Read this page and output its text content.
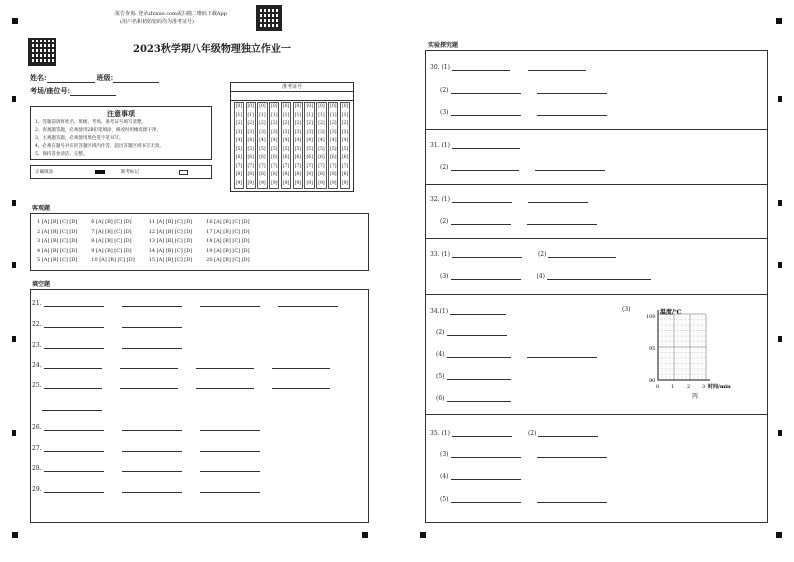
报告查询: 登录zhixue.com或扫描二维码下载App
(用户名和初始密码均为准考证号)
2023秋学期八年级物理独立作业一
姓名:	班级:
考场/座位号:
注意事项
1、答题前请将姓名、班级、考场、准考证号填写清楚。
2、客观题答题，必须使用2B铅笔填涂，修改时用橡皮擦干净。
3、主观题答题，必须使用黑色签字笔书写。
4、必须在题号对应的答题区域内作答，超出答题区域书写无效。
5、保持答卷清洁、完整。
正确填涂	缺考标记
准考证号
[0]
[1]
[2]
[3]
[4]
[5]
[6]
[7]
[8]
[9]
[0]
[1]
[2]
[3]
[4]
[5]
[6]
[7]
[8]
[9]
[0]
[1]
[2]
[3]
[4]
[5]
[6]
[7]
[8]
[9]
[0]
[1]
[2]
[3]
[4]
[5]
[6]
[7]
[8]
[9]
[0]
[1]
[2]
[3]
[4]
[5]
[6]
[7]
[8]
[9]
[0]
[1]
[2]
[3]
[4]
[5]
[6]
[7]
[8]
[9]
[0]
[1]
[2]
[3]
[4]
[5]
[6]
[7]
[8]
[9]
[0]
[1]
[2]
[3]
[4]
[5]
[6]
[7]
[8]
[9]
[0]
[1]
[2]
[3]
[4]
[5]
[6]
[7]
[8]
[9]
[0]
[1]
[2]
[3]
[4]
[5]
[6]
[7]
[8]
[9]
客观题
1 [A] [B] [C] [D]
2 [A] [B] [C] [D]
3 [A] [B] [C] [D]
4 [A] [B] [C] [D]
5 [A] [B] [C] [D]
6 [A] [B] [C] [D]
7 [A] [B] [C] [D]
8 [A] [B] [C] [D]
9 [A] [B] [C] [D]
10 [A] [B] [C] [D]
11 [A] [B] [C] [D]
12 [A] [B] [C] [D]
13 [A] [B] [C] [D]
14 [A] [B] [C] [D]
15 [A] [B] [C] [D]
16 [A] [B] [C] [D]
17 [A] [B] [C] [D]
18 [A] [B] [C] [D]
19 [A] [B] [C] [D]
20 [A] [B] [C] [D]
填空题
21.
22.
23.
24.
25.
26.
27.
28.
29.
实验探究题
30. (1)
(2)
(3)
31. (1)
(2)
32. (1)
(2)
33. (1)	(2)
(3)	(4)
34.(1)
(2)
(4)
(5)
(6)
(3)	温度/℃
100
95
90
0 1	2 3 时间/min
丙
35. (1)	(2)
(3)
(4)
(5)
